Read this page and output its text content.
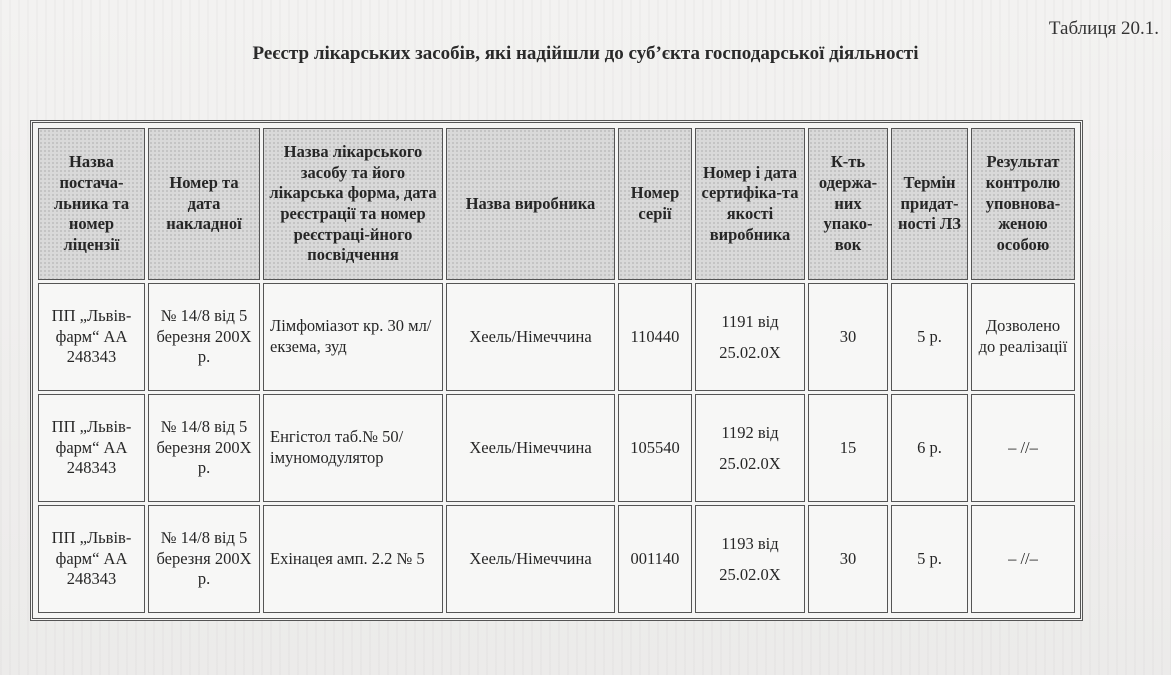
Таблиця 20.1.
Реєстр лікарських засобів, які надійшли до суб’єкта господарської діяльності
Назва постача-льника та номер ліцензії	Номер та дата накладної	Назва лікарського засобу та його лікарська форма, дата реєстрації та номер реєстраці-йного посвідчення	Назва виробника	Номер серії	Номер і дата сертифіка-та якості виробника	К-ть одержа-них упако-вок	Термін придат-ності ЛЗ	Результат контролю уповнова-женою особою
ПП „Львів-фарм“ АА 248343	№ 14/8 від 5 березня 200Х р.	Лімфоміазот кр. 30 мл/екзема, зуд	Хеель/Німеччина	110440	1191 від 25.02.0Х	30	5 р.	Дозволено до реалізації
ПП „Львів-фарм“ АА 248343	№ 14/8 від 5 березня 200Х р.	Енгістол таб.№ 50/ імуномодулятор	Хеель/Німеччина	105540	1192 від 25.02.0Х	15	6 р.	– //–
ПП „Львів-фарм“ АА 248343	№ 14/8 від 5 березня 200Х р.	Ехінацея амп. 2.2 № 5	Хеель/Німеччина	001140	1193 від 25.02.0Х	30	5 р.	– //–
